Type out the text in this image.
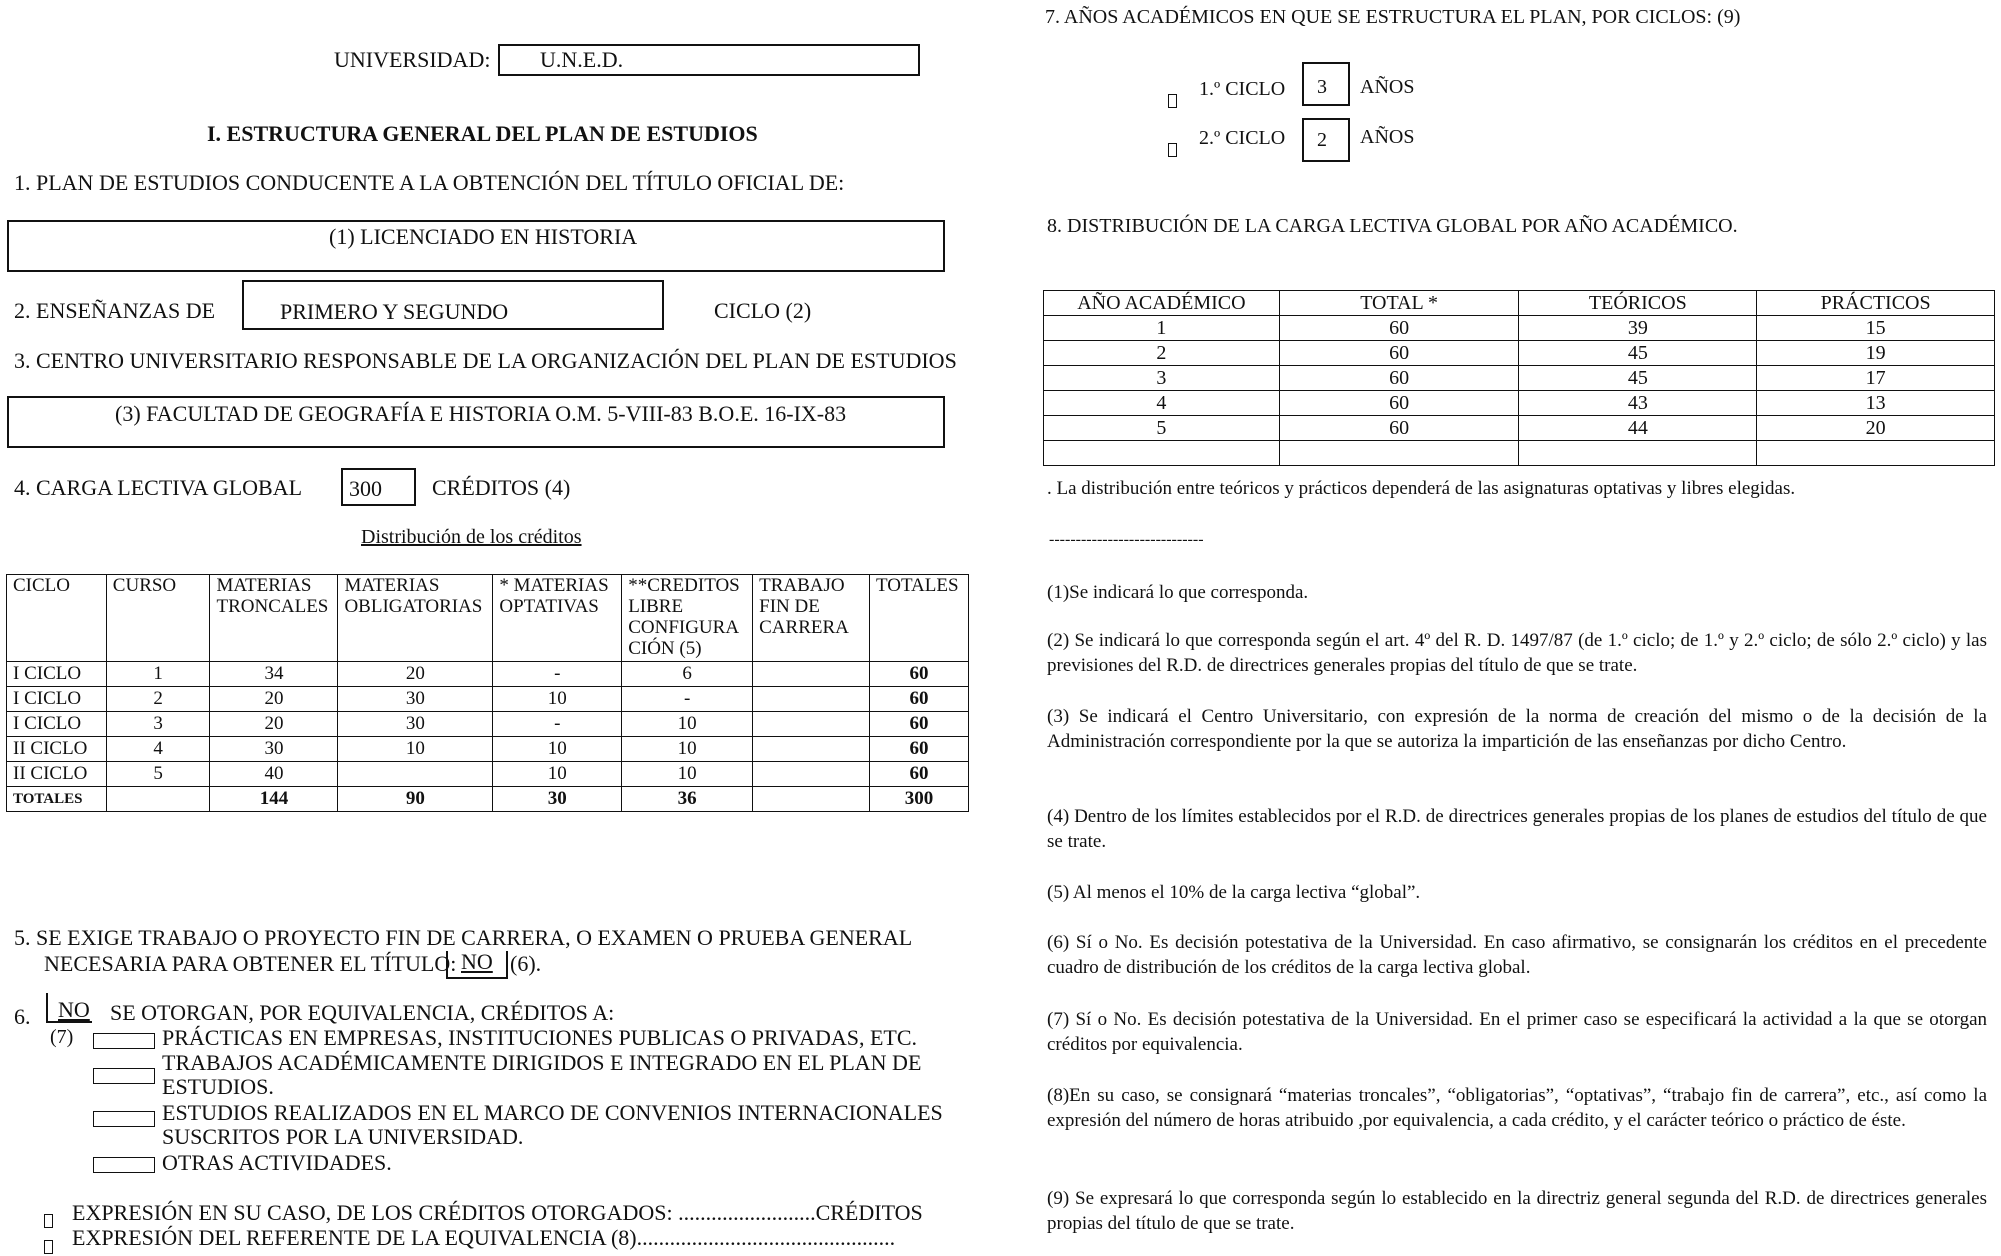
UNIVERSIDAD: U.N.E.D.
I. ESTRUCTURA GENERAL DEL PLAN DE ESTUDIOS
1. PLAN DE ESTUDIOS CONDUCENTE A LA OBTENCIÓN DEL TÍTULO OFICIAL DE:
(1) LICENCIADO EN HISTORIA
2. ENSEÑANZAS DE	PRIMERO Y SEGUNDO	CICLO (2)
3. CENTRO UNIVERSITARIO RESPONSABLE DE LA ORGANIZACIÓN DEL PLAN DE ESTUDIOS
(3) FACULTAD DE GEOGRAFÍA E HISTORIA O.M. 5-VIII-83 B.O.E. 16-IX-83
4. CARGA LECTIVA GLOBAL 300 CRÉDITOS (4)
Distribución de los créditos
CICLO	CURSO	MATERIAS TRONCALES	MATERIAS OBLIGATORIAS	* MATERIAS OPTATIVAS	**CREDITOS LIBRE CONFIGURA CIÓN (5)	TRABAJO FIN DE CARRERA	TOTALES
I CICLO	1	34	20	-	6		60
I CICLO	2	20	30	10	-		60
I CICLO	3	20	30	-	10		60
II CICLO	4	30	10	10	10		60
II CICLO	5	40		10	10		60
TOTALES		144	90	30	36		300
5. SE EXIGE TRABAJO O PROYECTO FIN DE CARRERA, O EXAMEN O PRUEBA GENERAL
NECESARIA PARA OBTENER EL TÍTULO: NO (6).
6. NO SE OTORGAN, POR EQUIVALENCIA, CRÉDITOS A:
(7)	PRÁCTICAS EN EMPRESAS, INSTITUCIONES PUBLICAS O PRIVADAS, ETC.
TRABAJOS ACADÉMICAMENTE DIRIGIDOS E INTEGRADO EN EL PLAN DE
ESTUDIOS.
ESTUDIOS REALIZADOS EN EL MARCO DE CONVENIOS INTERNACIONALES
SUSCRITOS POR LA UNIVERSIDAD.
OTRAS ACTIVIDADES.
EXPRESIÓN EN SU CASO, DE LOS CRÉDITOS OTORGADOS: .........................CRÉDITOS
EXPRESIÓN DEL REFERENTE DE LA EQUIVALENCIA (8)...............................................
7. AÑOS ACADÉMICOS EN QUE SE ESTRUCTURA EL PLAN, POR CICLOS: (9)
1.º CICLO 3 AÑOS
2.º CICLO 2 AÑOS
8. DISTRIBUCIÓN DE LA CARGA LECTIVA GLOBAL POR AÑO ACADÉMICO.
AÑO ACADÉMICO	TOTAL *	TEÓRICOS	PRÁCTICOS
1	60	39	15
2	60	45	19
3	60	45	17
4	60	43	13
5	60	44	20

. La distribución entre teóricos y prácticos dependerá de las asignaturas optativas y libres elegidas.
-----------------------------
(1)Se indicará lo que corresponda.
(2) Se indicará lo que corresponda según el art. 4º del R. D. 1497/87 (de 1.º ciclo; de 1.º y 2.º ciclo; de sólo 2.º ciclo) y las previsiones del R.D. de directrices generales propias del título de que se trate.
(3) Se indicará el Centro Universitario, con expresión de la norma de creación del mismo o de la decisión de la Administración correspondiente por la que se autoriza la impartición de las enseñanzas por dicho Centro.
(4) Dentro de los límites establecidos por el R.D. de directrices generales propias de los planes de estudios del título de que se trate.
(5) Al menos el 10% de la carga lectiva “global”.
(6) Sí o No. Es decisión potestativa de la Universidad. En caso afirmativo, se consignarán los créditos en el precedente cuadro de distribución de los créditos de la carga lectiva global.
(7) Sí o No. Es decisión potestativa de la Universidad. En el primer caso se especificará la actividad a la que se otorgan créditos por equivalencia.
(8)En su caso, se consignará “materias troncales”, “obligatorias”, “optativas”, “trabajo fin de carrera”, etc., así como la expresión del número de horas atribuido ,por equivalencia, a cada crédito, y el carácter teórico o práctico de éste.
(9) Se expresará lo que corresponda según lo establecido en la directriz general segunda del R.D. de directrices generales propias del título de que se trate.
